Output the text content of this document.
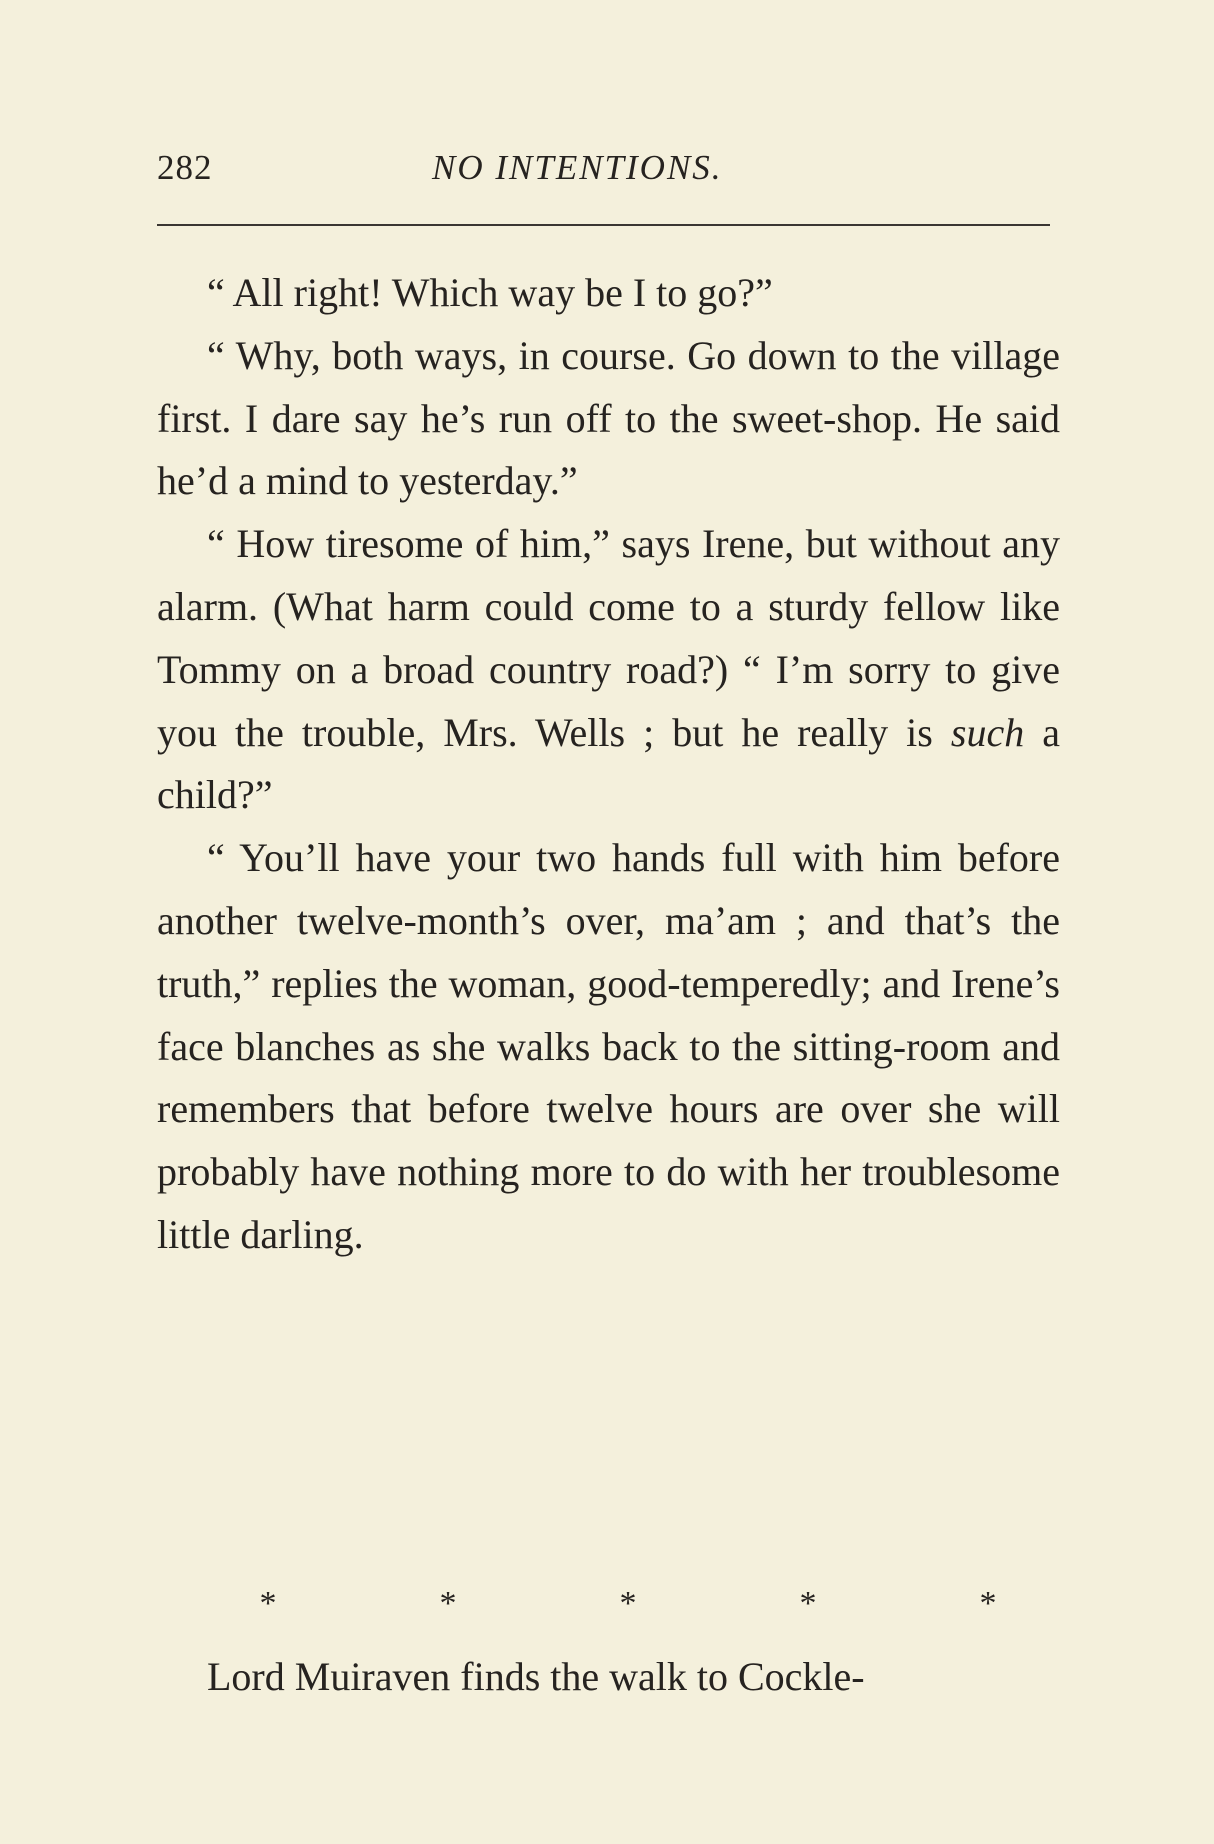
282	NO INTENTIONS.

“ All right! Which way be I to go?”

“ Why, both ways, in course. Go down to the village first. I dare say he’s run off to the sweet-shop. He said he’d a mind to yesterday.”

“ How tiresome of him,” says Irene, but without any alarm. (What harm could come to a sturdy fellow like Tommy on a broad country road?) “ I’m sorry to give you the trouble, Mrs. Wells ; but he really is such a child?”

“ You’ll have your two hands full with him before another twelve-month’s over, ma’am ; and that’s the truth,” replies the woman, good-temperedly; and Irene’s face blanches as she walks back to the sitting-room and remembers that before twelve hours are over she will probably have nothing more to do with her troublesome little darling.

*	*	*	*	*
Lord Muiraven finds the walk to Cockle-
